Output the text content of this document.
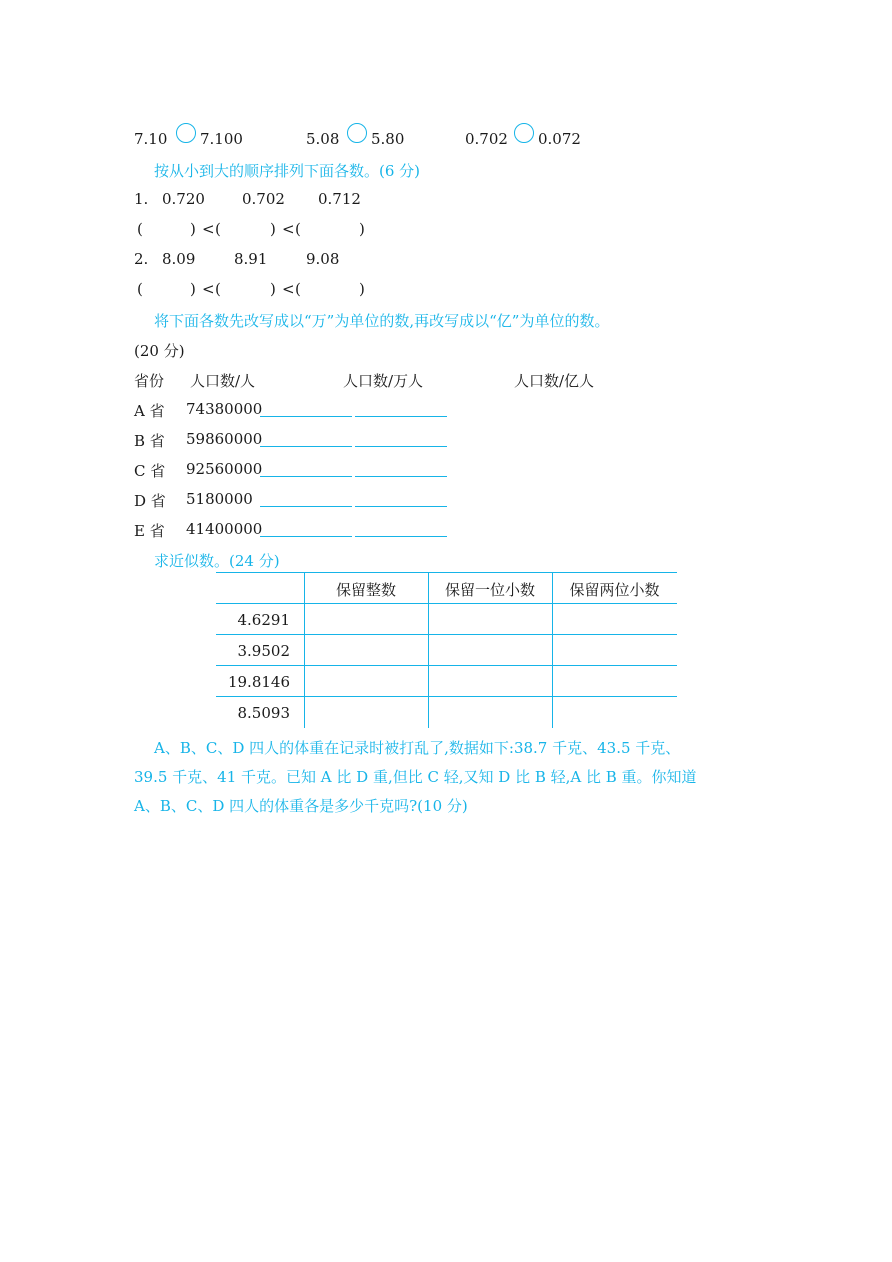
7.10 7.100	5.08 5.80	0.702 0.072
按从小到大的顺序排列下面各数。(6 分)
1. 0.720 0.702 0.712
(	) < (	) < (	)
2. 8.09	8.91	9.08
(	) < (	) < (	)
将下面各数先改写成以“万”为单位的数,再改写成以“亿”为单位的数。
(20 分)
省份 人口数/人	人口数/万人	人口数/亿人
A 省 74380000
B 省 59860000
C 省 92560000
D 省 5180000
E 省 41400000
求近似数。(24 分)
保留整数	保留一位小数	保留两位小数
4.6291
3.9502
19.8146
8.5093
A、B、C、D 四人的体重在记录时被打乱了,数据如下:38.7 千克、43.5 千克、
39.5 千克、41 千克。已知 A 比 D 重,但比 C 轻,又知 D 比 B 轻,A 比 B 重。你知道
A、B、C、D 四人的体重各是多少千克吗?(10 分)
